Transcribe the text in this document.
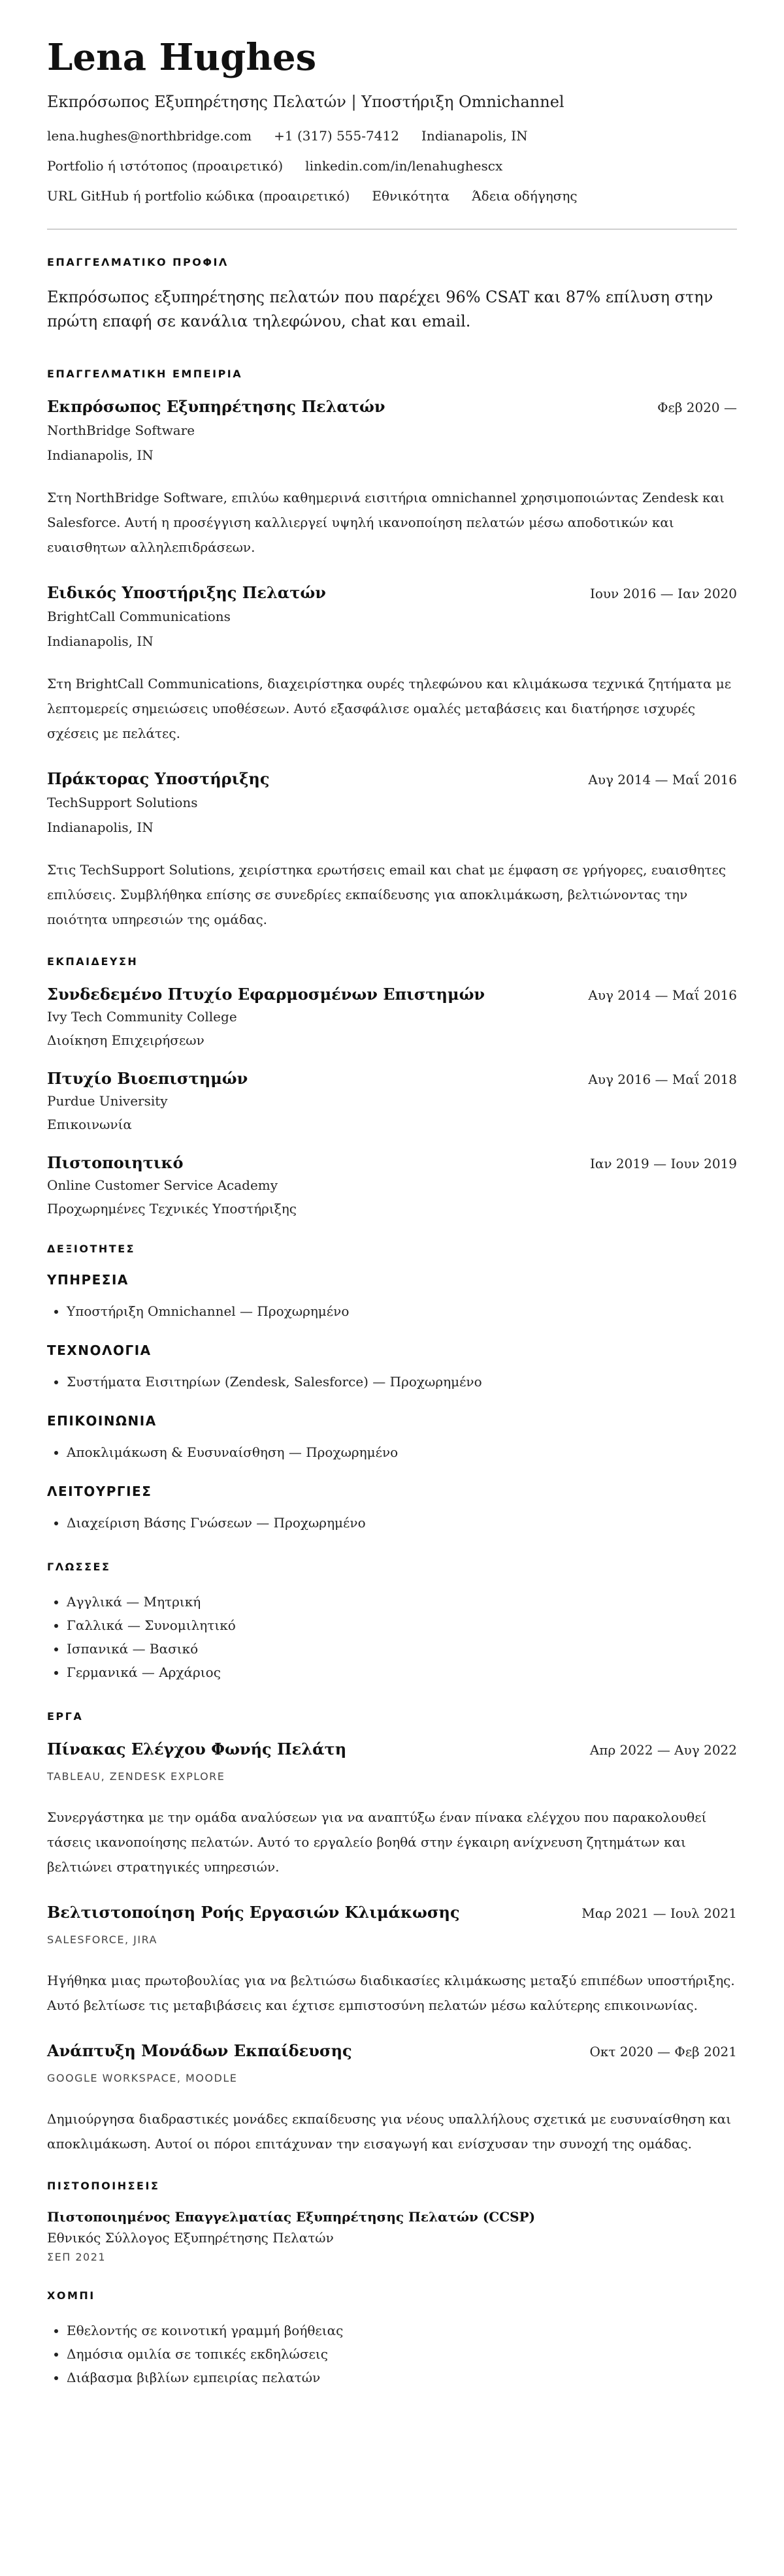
Lena Hughes
Εκπρόσωπος Εξυπηρέτησης Πελατών | Υποστήριξη Omnichannel
lena.hughes@northbridge.com +1 (317) 555-7412 Indianapolis, IN
Portfolio ή ιστότοπος (προαιρετικό) linkedin.com/in/lenahughescx
URL GitHub ή portfolio κώδικα (προαιρετικό) Εθνικότητα Άδεια οδήγησης
ΕΠΑΓΓΕΛΜΑΤΙΚΟ ΠΡΟΦΙΛ

Εκπρόσωπος εξυπηρέτησης πελατών που παρέχει 96% CSAT και 87% επίλυση στην πρώτη επαφή σε κανάλια τηλεφώνου, chat και email.

ΕΠΑΓΓΕΛΜΑΤΙΚΗ ΕΜΠΕΙΡΙΑ
Εκπρόσωπος Εξυπηρέτησης Πελατών	Φεβ 2020 —
NorthBridge Software
Indianapolis, IN
Στη NorthBridge Software, επιλύω καθημερινά εισιτήρια omnichannel χρησιμοποιώντας Zendesk και Salesforce. Αυτή η προσέγγιση καλλιεργεί υψηλή ικανοποίηση πελατών μέσω αποδοτικών και ευαισθητων αλληλεπιδράσεων.
Ειδικός Υποστήριξης Πελατών	Ιουν 2016 — Ιαν 2020
BrightCall Communications
Indianapolis, IN
Στη BrightCall Communications, διαχειρίστηκα ουρές τηλεφώνου και κλιμάκωσα τεχνικά ζητήματα με λεπτομερείς σημειώσεις υποθέσεων. Αυτό εξασφάλισε ομαλές μεταβάσεις και διατήρησε ισχυρές σχέσεις με πελάτες.
Πράκτορας Υποστήριξης	Αυγ 2014 — Μαΐ 2016
TechSupport Solutions
Indianapolis, IN
Στις TechSupport Solutions, χειρίστηκα ερωτήσεις email και chat με έμφαση σε γρήγορες, ευαισθητες επιλύσεις. Συμβλήθηκα επίσης σε συνεδρίες εκπαίδευσης για αποκλιμάκωση, βελτιώνοντας την ποιότητα υπηρεσιών της ομάδας.
ΕΚΠΑΙΔΕΥΣΗ
Συνδεδεμένο Πτυχίο Εφαρμοσμένων Επιστημών	Αυγ 2014 — Μαΐ 2016
Ivy Tech Community College
Διοίκηση Επιχειρήσεων
Πτυχίο Βιοεπιστημών	Αυγ 2016 — Μαΐ 2018
Purdue University
Επικοινωνία
Πιστοποιητικό	Ιαν 2019 — Ιουν 2019
Online Customer Service Academy
Προχωρημένες Τεχνικές Υποστήριξης
ΔΕΞΙΟΤΗΤΕΣ
ΥΠΗΡΕΣΙΑ
• Υποστήριξη Omnichannel — Προχωρημένο
ΤΕΧΝΟΛΟΓΙΑ
• Συστήματα Εισιτηρίων (Zendesk, Salesforce) — Προχωρημένο
ΕΠΙΚΟΙΝΩΝΙΑ
• Αποκλιμάκωση & Ευσυναίσθηση — Προχωρημένο
ΛΕΙΤΟΥΡΓΙΕΣ
• Διαχείριση Βάσης Γνώσεων — Προχωρημένο
ΓΛΩΣΣΕΣ
• Αγγλικά — Μητρική
• Γαλλικά — Συνομιλητικό
• Ισπανικά — Βασικό
• Γερμανικά — Αρχάριος
ΕΡΓΑ
Πίνακας Ελέγχου Φωνής Πελάτη	Απρ 2022 — Αυγ 2022
TABLEAU, ZENDESK EXPLORE
Συνεργάστηκα με την ομάδα αναλύσεων για να αναπτύξω έναν πίνακα ελέγχου που παρακολουθεί τάσεις ικανοποίησης πελατών. Αυτό το εργαλείο βοηθά στην έγκαιρη ανίχνευση ζητημάτων και βελτιώνει στρατηγικές υπηρεσιών.
Βελτιστοποίηση Ροής Εργασιών Κλιμάκωσης	Μαρ 2021 — Ιουλ 2021
SALESFORCE, JIRA
Ηγήθηκα μιας πρωτοβουλίας για να βελτιώσω διαδικασίες κλιμάκωσης μεταξύ επιπέδων υποστήριξης. Αυτό βελτίωσε τις μεταβιβάσεις και έχτισε εμπιστοσύνη πελατών μέσω καλύτερης επικοινωνίας.
Ανάπτυξη Μονάδων Εκπαίδευσης	Οκτ 2020 — Φεβ 2021
GOOGLE WORKSPACE, MOODLE
Δημιούργησα διαδραστικές μονάδες εκπαίδευσης για νέους υπαλλήλους σχετικά με ευσυναίσθηση και αποκλιμάκωση. Αυτοί οι πόροι επιτάχυναν την εισαγωγή και ενίσχυσαν την συνοχή της ομάδας.
ΠΙΣΤΟΠΟΙΗΣΕΙΣ
Πιστοποιημένος Επαγγελματίας Εξυπηρέτησης Πελατών (CCSP)
Εθνικός Σύλλογος Εξυπηρέτησης Πελατών
ΣΕΠ 2021
ΧΟΜΠΙ
• Εθελοντής σε κοινοτική γραμμή βοήθειας
• Δημόσια ομιλία σε τοπικές εκδηλώσεις
• Διάβασμα βιβλίων εμπειρίας πελατών
